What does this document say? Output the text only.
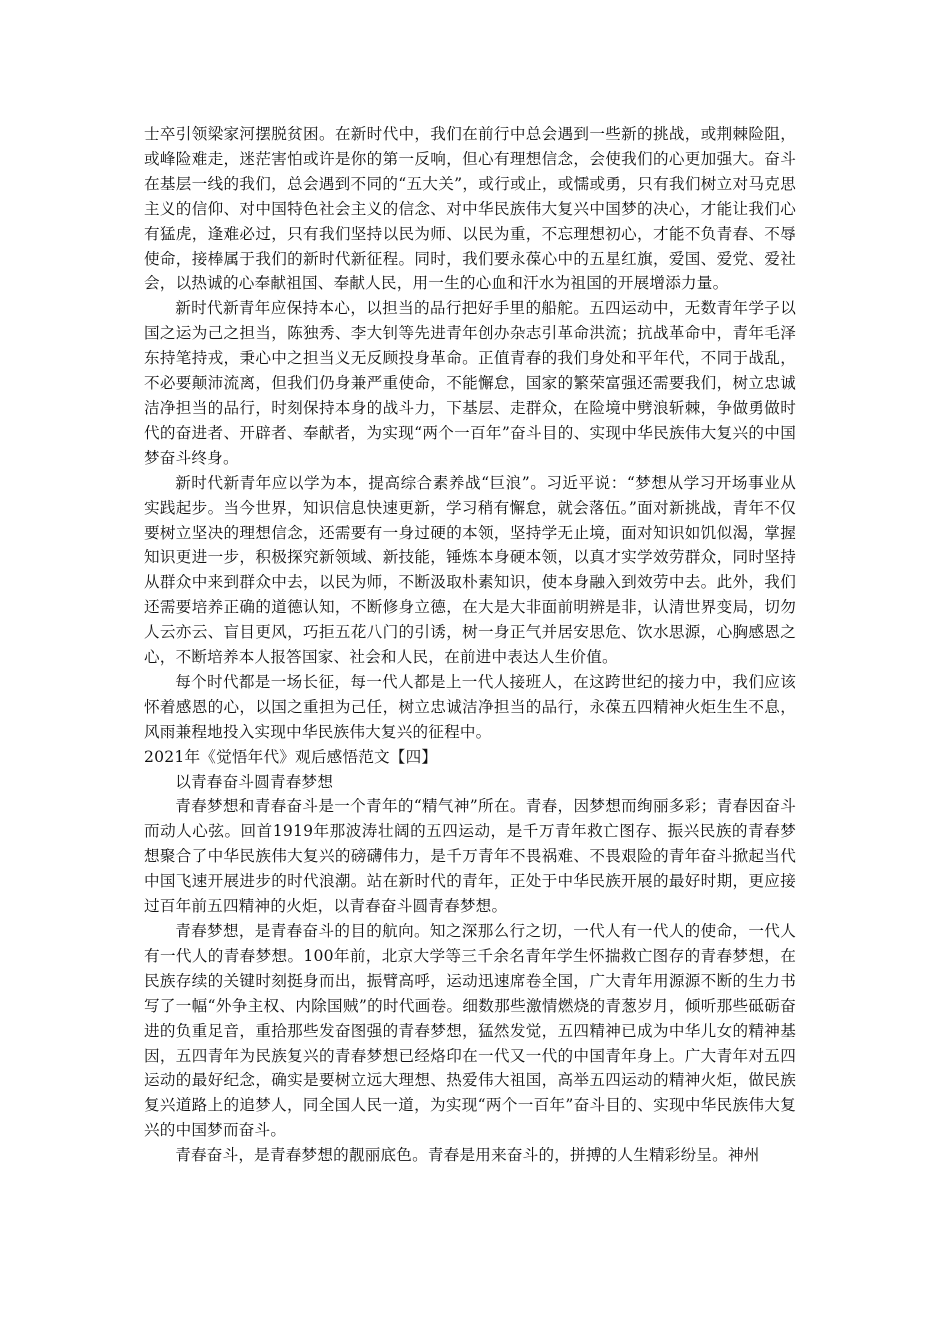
士卒引领梁家河摆脱贫困。在新时代中，我们在前行中总会遇到一些新的挑战，或荆棘险阻，或峰险难走，迷茫害怕或许是你的第一反响，但心有理想信念，会使我们的心更加强大。奋斗在基层一线的我们，总会遇到不同的“五大关”，或行或止，或懦或勇，只有我们树立对马克思主义的信仰、对中国特色社会主义的信念、对中华民族伟大复兴中国梦的决心，才能让我们心有猛虎，逢难必过，只有我们坚持以民为师、以民为重，不忘理想初心，才能不负青春、不辱使命，接棒属于我们的新时代新征程。同时，我们要永葆心中的五星红旗，爱国、爱党、爱社会，以热诚的心奉献祖国、奉献人民，用一生的心血和汗水为祖国的开展增添力量。

新时代新青年应保持本心，以担当的品行把好手里的船舵。五四运动中，无数青年学子以国之运为己之担当，陈独秀、李大钊等先进青年创办杂志引革命洪流；抗战革命中，青年毛泽东持笔持戎，秉心中之担当义无反顾投身革命。正值青春的我们身处和平年代，不同于战乱，不必要颠沛流离，但我们仍身兼严重使命，不能懈怠，国家的繁荣富强还需要我们，树立忠诚洁净担当的品行，时刻保持本身的战斗力，下基层、走群众，在险境中劈浪斩棘，争做勇做时代的奋进者、开辟者、奉献者，为实现“两个一百年”奋斗目的、实现中华民族伟大复兴的中国梦奋斗终身。

新时代新青年应以学为本，提高综合素养战“巨浪”。习近平说：“梦想从学习开场事业从实践起步。当今世界，知识信息快速更新，学习稍有懈怠，就会落伍。”面对新挑战，青年不仅要树立坚决的理想信念，还需要有一身过硬的本领，坚持学无止境，面对知识如饥似渴，掌握知识更进一步，积极探究新领域、新技能，锤炼本身硬本领，以真才实学效劳群众，同时坚持从群众中来到群众中去，以民为师，不断汲取朴素知识，使本身融入到效劳中去。此外，我们还需要培养正确的道德认知，不断修身立德，在大是大非面前明辨是非，认清世界变局，切勿人云亦云、盲目更风，巧拒五花八门的引诱，树一身正气并居安思危、饮水思源，心胸感恩之心，不断培养本人报答国家、社会和人民，在前进中表达人生价值。

每个时代都是一场长征，每一代人都是上一代人接班人，在这跨世纪的接力中，我们应该怀着感恩的心，以国之重担为己任，树立忠诚洁净担当的品行，永葆五四精神火炬生生不息，风雨兼程地投入实现中华民族伟大复兴的征程中。

2021年《觉悟年代》观后感悟范文【四】

以青春奋斗圆青春梦想

青春梦想和青春奋斗是一个青年的“精气神”所在。青春，因梦想而绚丽多彩；青春因奋斗而动人心弦。回首1919年那波涛壮阔的五四运动，是千万青年救亡图存、振兴民族的青春梦想聚合了中华民族伟大复兴的磅礴伟力，是千万青年不畏祸难、不畏艰险的青年奋斗掀起当代中国飞速开展进步的时代浪潮。站在新时代的青年，正处于中华民族开展的最好时期，更应接过百年前五四精神的火炬，以青春奋斗圆青春梦想。

青春梦想，是青春奋斗的目的航向。知之深那么行之切，一代人有一代人的使命，一代人有一代人的青春梦想。100年前，北京大学等三千余名青年学生怀揣救亡图存的青春梦想，在民族存续的关键时刻挺身而出，振臂高呼，运动迅速席卷全国，广大青年用源源不断的生力书写了一幅“外争主权、内除国贼”的时代画卷。细数那些激情燃烧的青葱岁月，倾听那些砥砺奋进的负重足音，重拾那些发奋图强的青春梦想，猛然发觉，五四精神已成为中华儿女的精神基因，五四青年为民族复兴的青春梦想已经烙印在一代又一代的中国青年身上。广大青年对五四运动的最好纪念，确实是要树立远大理想、热爱伟大祖国，高举五四运动的精神火炬，做民族复兴道路上的追梦人，同全国人民一道，为实现“两个一百年”奋斗目的、实现中华民族伟大复兴的中国梦而奋斗。

青春奋斗，是青春梦想的靓丽底色。青春是用来奋斗的，拼搏的人生精彩纷呈。神州
